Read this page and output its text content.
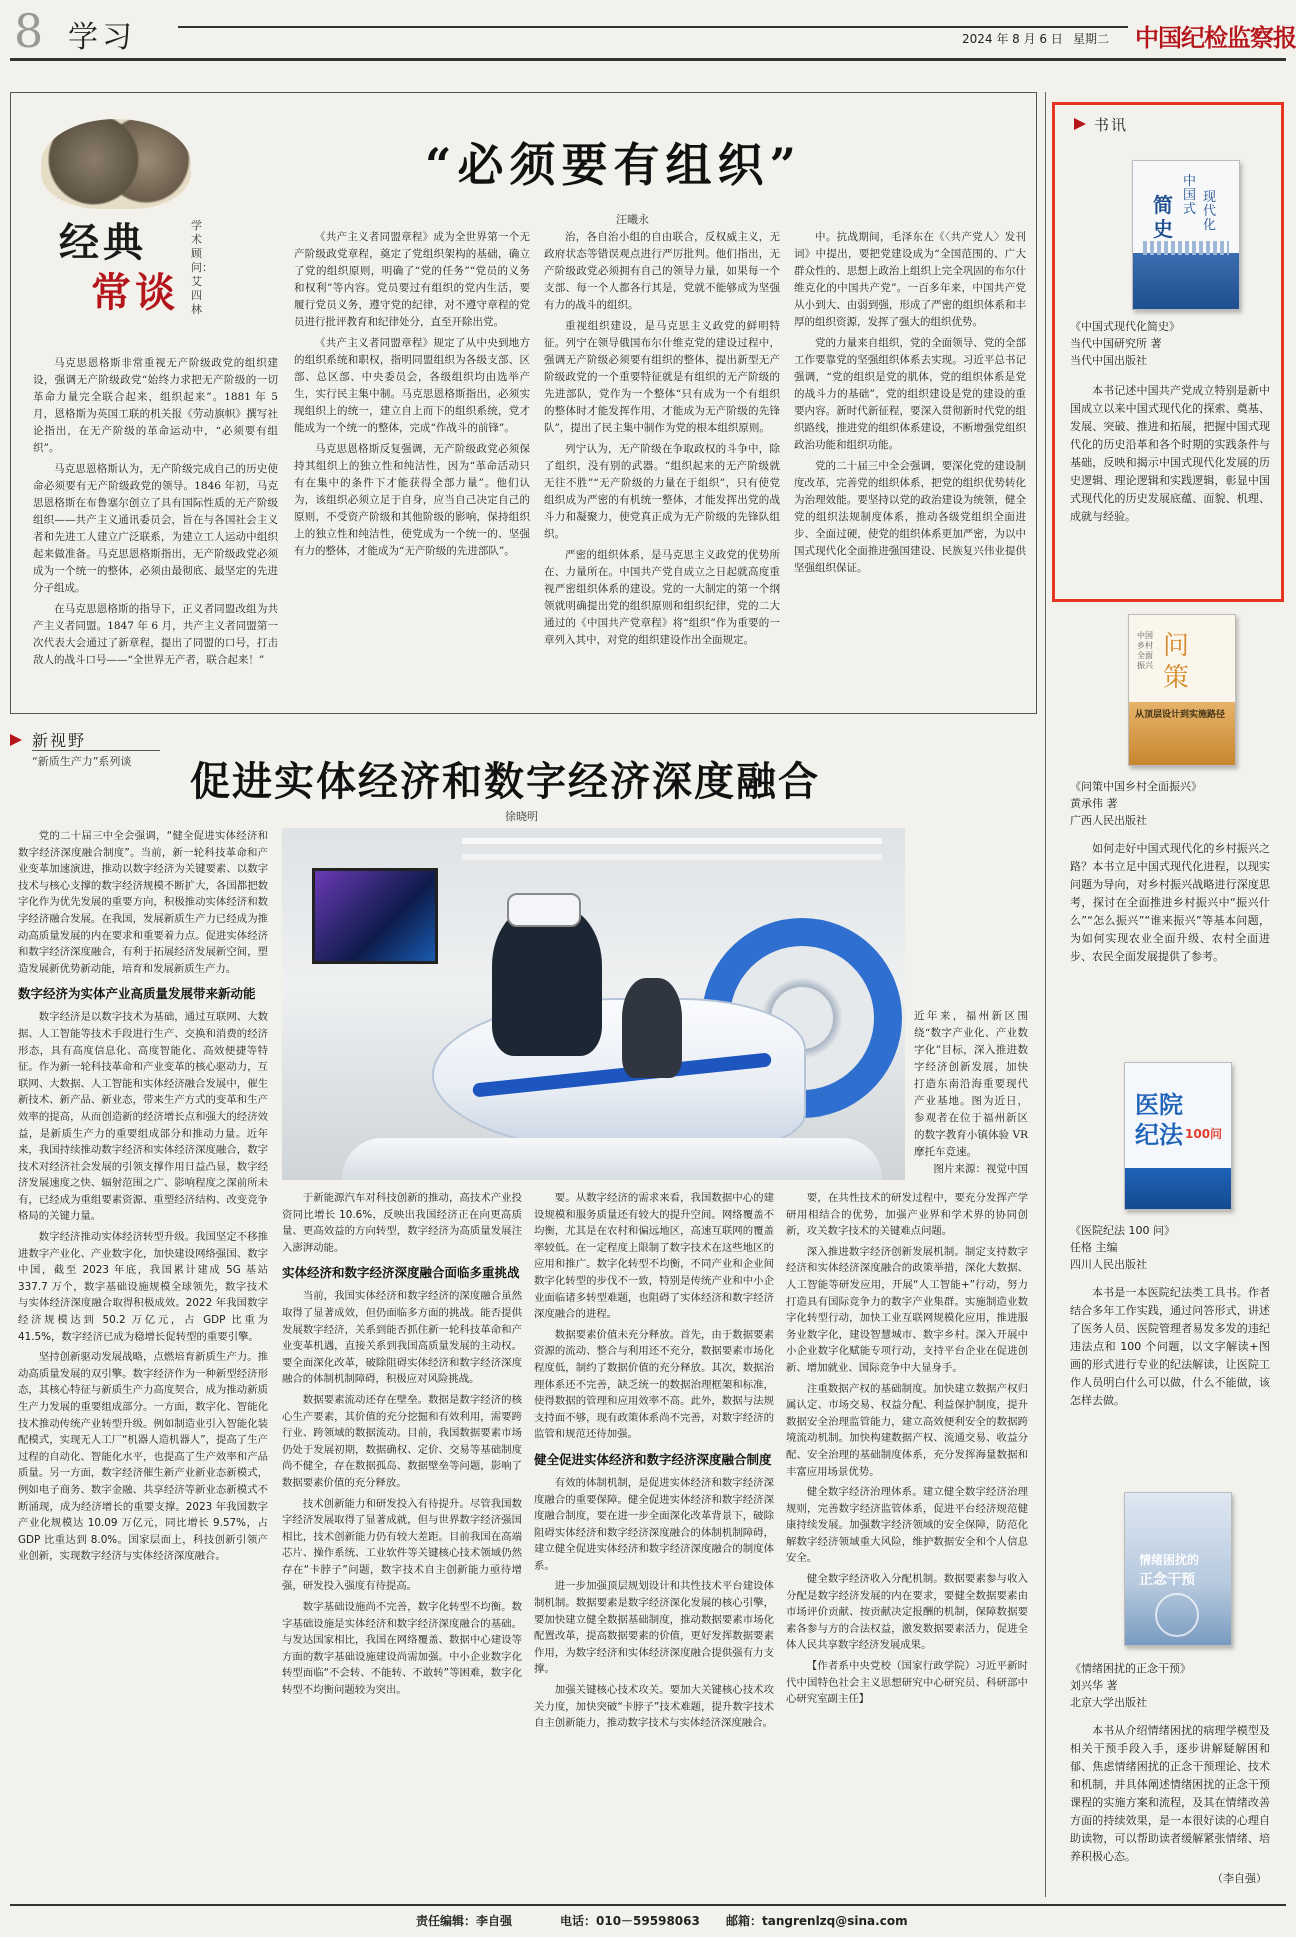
8 学习	2024 年 8 月 6 日 星期二 中国纪检监察报
经典
常谈
学术顾问：艾四林
“必须要有组织”
汪曦永

马克思恩格斯非常重视无产阶级政党的组织建设，强调无产阶级政党“始终力求把无产阶级的一切革命力量完全联合起来，组织起来”。1881 年 5 月，恩格斯为英国工联的机关报《劳动旗帜》撰写社论指出，在无产阶级的革命运动中，“必须要有组织”。

马克思恩格斯认为，无产阶级完成自己的历史使命必须要有无产阶级政党的领导。1846 年初，马克思恩格斯在布鲁塞尔创立了具有国际性质的无产阶级组织——共产主义通讯委员会，旨在与各国社会主义者和先进工人建立广泛联系，为建立工人运动中组织起来做准备。马克思恩格斯指出，无产阶级政党必须成为一个统一的整体，必须由最彻底、最坚定的先进分子组成。

在马克思恩格斯的指导下，正义者同盟改组为共产主义者同盟。1847 年 6 月，共产主义者同盟第一次代表大会通过了新章程，提出了同盟的口号，打击敌人的战斗口号——“全世界无产者，联合起来！”

《共产主义者同盟章程》成为全世界第一个无产阶级政党章程，奠定了党组织架构的基础，确立了党的组织原则，明确了“党的任务”“党员的义务和权利”等内容。党员要过有组织的党内生活，要履行党员义务，遵守党的纪律，对不遵守章程的党员进行批评教育和纪律处分，直至开除出党。

《共产主义者同盟章程》规定了从中央到地方的组织系统和职权，指明同盟组织为各级支部、区部、总区部、中央委员会，各级组织均由选举产生，实行民主集中制。马克思恩格斯指出，必须实现组织上的统一，建立自上而下的组织系统，党才能成为一个统一的整体，完成“作战斗的前锋”。

马克思恩格斯反复强调，无产阶级政党必须保持其组织上的独立性和纯洁性，因为“革命活动只有在集中的条件下才能获得全部力量”。他们认为，该组织必须立足于自身，应当自己决定自己的原则，不受资产阶级和其他阶级的影响，保持组织上的独立性和纯洁性，使党成为一个统一的、坚强有力的整体，才能成为“无产阶级的先进部队”。

治，各自治小组的自由联合，反权威主义，无政府状态等错误观点进行严厉批判。他们指出，无产阶级政党必须拥有自己的领导力量，如果每一个支部、每一个人都各行其是，党就不能够成为坚强有力的战斗的组织。

重视组织建设，是马克思主义政党的鲜明特征。列宁在领导俄国布尔什维克党的建设过程中，强调无产阶级必须要有组织的整体，提出新型无产阶级政党的一个重要特征就是有组织的无产阶级的先进部队，党作为一个整体“只有成为一个有组织的整体时才能发挥作用，才能成为无产阶级的先锋队”，提出了民主集中制作为党的根本组织原则。

列宁认为，无产阶级在争取政权的斗争中，除了组织，没有别的武器。“组织起来的无产阶级就无往不胜”“无产阶级的力量在于组织”，只有使党组织成为严密的有机统一整体，才能发挥出党的战斗力和凝聚力，使党真正成为无产阶级的先锋队组织。

严密的组织体系，是马克思主义政党的优势所在、力量所在。中国共产党自成立之日起就高度重视严密组织体系的建设。党的一大制定的第一个纲领就明确提出党的组织原则和组织纪律，党的二大通过的《中国共产党章程》将“组织”作为重要的一章列入其中，对党的组织建设作出全面规定。

中。抗战期间，毛泽东在《〈共产党人〉发刊词》中提出，要把党建设成为“全国范围的、广大群众性的、思想上政治上组织上完全巩固的布尔什维克化的中国共产党”。一百多年来，中国共产党从小到大、由弱到强，形成了严密的组织体系和丰厚的组织资源，发挥了强大的组织优势。

党的力量来自组织，党的全面领导、党的全部工作要靠党的坚强组织体系去实现。习近平总书记强调，“党的组织是党的肌体，党的组织体系是党的战斗力的基础”，党的组织建设是党的建设的重要内容。新时代新征程，要深入贯彻新时代党的组织路线，推进党的组织体系建设，不断增强党组织政治功能和组织功能。

党的二十届三中全会强调，要深化党的建设制度改革，完善党的组织体系，把党的组织优势转化为治理效能。要坚持以党的政治建设为统领，健全党的组织法规制度体系，推动各级党组织全面进步、全面过硬，使党的组织体系更加严密，为以中国式现代化全面推进强国建设、民族复兴伟业提供坚强组织保证。

新视野
“新质生产力”系列谈 促进实体经济和数字经济深度融合
徐晓明
近年来，福州新区围绕“数字产业化、产业数字化”目标，深入推进数字经济创新发展，加快打造东南沿海重要现代产业基地。图为近日，参观者在位于福州新区的数字教育小镇体验 VR 摩托车竞速。

图片来源：视觉中国

党的二十届三中全会强调，“健全促进实体经济和数字经济深度融合制度”。当前，新一轮科技革命和产业变革加速演进，推动以数字经济为关键要素、以数字技术与核心支撑的数字经济规模不断扩大，各国都把数字化作为优先发展的重要方向，积极推动实体经济和数字经济融合发展。在我国，发展新质生产力已经成为推动高质量发展的内在要求和重要着力点。促进实体经济和数字经济深度融合，有利于拓展经济发展新空间，塑造发展新优势新动能，培育和发展新质生产力。

数字经济为实体产业高质量发展带来新动能

数字经济是以数字技术为基础，通过互联网、大数据、人工智能等技术手段进行生产、交换和消费的经济形态，具有高度信息化、高度智能化、高效便捷等特征。作为新一轮科技革命和产业变革的核心驱动力，互联网、大数据、人工智能和实体经济融合发展中，催生新技术、新产品、新业态，带来生产方式的变革和生产效率的提高，从而创造新的经济增长点和强大的经济效益，是新质生产力的重要组成部分和推动力量。近年来，我国持续推动数字经济和实体经济深度融合，数字技术对经济社会发展的引领支撑作用日益凸显，数字经济发展速度之快、辐射范围之广、影响程度之深前所未有，已经成为重组要素资源、重塑经济结构、改变竞争格局的关键力量。

数字经济推动实体经济转型升级。我国坚定不移推进数字产业化、产业数字化，加快建设网络强国、数字中国，截至 2023 年底，我国累计建成 5G 基站 337.7 万个，数字基础设施规模全球领先，数字技术与实体经济深度融合取得积极成效。2022 年我国数字经济规模达到 50.2 万亿元，占 GDP 比重为 41.5%，数字经济已成为稳增长促转型的重要引擎。

坚持创新驱动发展战略，点燃培育新质生产力。推动高质量发展的双引擎。数字经济作为一种新型经济形态，其核心特征与新质生产力高度契合，成为推动新质生产力发展的重要组成部分。一方面，数字化、智能化技术推动传统产业转型升级。例如制造业引入智能化装配模式，实现无人工厂“机器人造机器人”，提高了生产过程的自动化、智能化水平，也提高了生产效率和产品质量。另一方面，数字经济催生新产业新业态新模式，例如电子商务、数字金融、共享经济等新业态新模式不断涌现，成为经济增长的重要支撑。2023 年我国数字产业化规模达 10.09 万亿元，同比增长 9.57%，占 GDP 比重达到 8.0%。国家层面上，科技创新引领产业创新，实现数字经济与实体经济深度融合。

于新能源汽车对科技创新的推动，高技术产业投资同比增长 10.6%，反映出我国经济正在向更高质量、更高效益的方向转型，数字经济为高质量发展注入澎湃动能。

实体经济和数字经济深度融合面临多重挑战

当前，我国实体经济和数字经济的深度融合虽然取得了显著成效，但仍面临多方面的挑战。能否提供发展数字经济，关系到能否抓住新一轮科技革命和产业变革机遇，直接关系到我国高质量发展的主动权。要全面深化改革，破除阻碍实体经济和数字经济深度融合的体制机制障碍，积极应对风险挑战。

数据要素流动还存在壁垒。数据是数字经济的核心生产要素，其价值的充分挖掘和有效利用，需要跨行业、跨领域的数据流动。目前，我国数据要素市场仍处于发展初期，数据确权、定价、交易等基础制度尚不健全，存在数据孤岛、数据壁垒等问题，影响了数据要素价值的充分释放。

技术创新能力和研发投入有待提升。尽管我国数字经济发展取得了显著成就，但与世界数字经济强国相比，技术创新能力仍有较大差距。目前我国在高端芯片、操作系统、工业软件等关键核心技术领域仍然存在“卡脖子”问题，数字技术自主创新能力亟待增强，研发投入强度有待提高。

数字基础设施尚不完善，数字化转型不均衡。数字基础设施是实体经济和数字经济深度融合的基础。与发达国家相比，我国在网络覆盖、数据中心建设等方面的数字基础设施建设尚需加强。中小企业数字化转型面临“不会转、不能转、不敢转”等困难，数字化转型不均衡问题较为突出。

要。从数字经济的需求来看，我国数据中心的建设规模和服务质量还有较大的提升空间。网络覆盖不均衡，尤其是在农村和偏远地区，高速互联网的覆盖率较低。在一定程度上限制了数字技术在这些地区的应用和推广。数字化转型不均衡，不同产业和企业间数字化转型的步伐不一致，特别是传统产业和中小企业面临诸多转型难题，也阻碍了实体经济和数字经济深度融合的进程。

数据要素价值未充分释放。首先，由于数据要素资源的流动、整合与利用还不充分，数据要素市场化程度低，制约了数据价值的充分释放。其次，数据治理体系还不完善，缺乏统一的数据治理框架和标准，使得数据的管理和应用效率不高。此外，数据与法规支持面不够，现有政策体系尚不完善，对数字经济的监管和规范还待加强。

健全促进实体经济和数字经济深度融合制度

有效的体制机制，是促进实体经济和数字经济深度融合的重要保障。健全促进实体经济和数字经济深度融合制度，要在进一步全面深化改革背景下，破除阻碍实体经济和数字经济深度融合的体制机制障碍，建立健全促进实体经济和数字经济深度融合的制度体系。

进一步加强顶层规划设计和共性技术平台建设体制机制。数据要素是数字经济深化发展的核心引擎，要加快建立健全数据基础制度，推动数据要素市场化配置改革，提高数据要素的价值，更好发挥数据要素作用，为数字经济和实体经济深度融合提供强有力支撑。

加强关键核心技术攻关。要加大关键核心技术攻关力度，加快突破“卡脖子”技术难题，提升数字技术自主创新能力，推动数字技术与实体经济深度融合。

要，在共性技术的研发过程中，要充分发挥产学研用相结合的优势，加强产业界和学术界的协同创新，攻关数字技术的关键难点问题。

深入推进数字经济创新发展机制。制定支持数字经济和实体经济深度融合的政策举措，深化大数据、人工智能等研发应用，开展“人工智能+”行动，努力打造具有国际竞争力的数字产业集群。实施制造业数字化转型行动，加快工业互联网规模化应用，推进服务业数字化，建设智慧城市、数字乡村。深入开展中小企业数字化赋能专项行动，支持平台企业在促进创新、增加就业、国际竞争中大显身手。

注重数据产权的基础制度。加快建立数据产权归属认定、市场交易、权益分配、利益保护制度，提升数据安全治理监管能力，建立高效便利安全的数据跨境流动机制。加快构建数据产权、流通交易、收益分配、安全治理的基础制度体系，充分发挥海量数据和丰富应用场景优势。

健全数字经济治理体系。建立健全数字经济治理规则，完善数字经济监管体系，促进平台经济规范健康持续发展。加强数字经济领域的安全保障，防范化解数字经济领域重大风险，维护数据安全和个人信息安全。

健全数字经济收入分配机制。数据要素参与收入分配是数字经济发展的内在要求，要健全数据要素由市场评价贡献、按贡献决定报酬的机制，保障数据要素各参与方的合法权益，激发数据要素活力，促进全体人民共享数字经济发展成果。

【作者系中央党校（国家行政学院）习近平新时代中国特色社会主义思想研究中心研究员、科研部中心研究室副主任】

书讯
简
史
中国式
现代化
《中国式现代化简史》
当代中国研究所 著
当代中国出版社
本书记述中国共产党成立特别是新中国成立以来中国式现代化的探索、奠基、发展、突破、推进和拓展，把握中国式现代化的历史沿革和各个时期的实践条件与基础，反映和揭示中国式现代化发展的历史逻辑、理论逻辑和实践逻辑，彰显中国式现代化的历史发展底蕴、面貌、机理、成就与经验。
问
策
中国乡村全面振兴
从顶层设计到实施路径
《问策中国乡村全面振兴》
黄承伟 著
广西人民出版社
如何走好中国式现代化的乡村振兴之路？本书立足中国式现代化进程，以现实问题为导向，对乡村振兴战略进行深度思考，探讨在全面推进乡村振兴中“振兴什么”“怎么振兴”“谁来振兴”等基本问题，为如何实现农业全面升级、农村全面进步、农民全面发展提供了参考。
医院
纪法 100问
《医院纪法 100 问》
任格 主编
四川人民出版社
本书是一本医院纪法类工具书。作者结合多年工作实践，通过问答形式，讲述了医务人员、医院管理者易发多发的违纪违法点和 100 个问题，以文字解读+图画的形式进行专业的纪法解读，让医院工作人员明白什么可以做，什么不能做，该怎样去做。
情绪困扰的
正念干预
《情绪困扰的正念干预》
刘兴华 著
北京大学出版社
本书从介绍情绪困扰的病理学模型及相关干预手段入手，逐步讲解疑解困和郁、焦虑情绪困扰的正念干预理论、技术和机制，并具体阐述情绪困扰的正念干预课程的实施方案和流程，及其在情绪改善方面的持续效果，是一本很好读的心理自助读物，可以帮助读者缓解紧张情绪、培养积极心态。
（李自强）
责任编辑：李自强	电话：010－59598063 邮箱：tangrenlzq@sina.com
